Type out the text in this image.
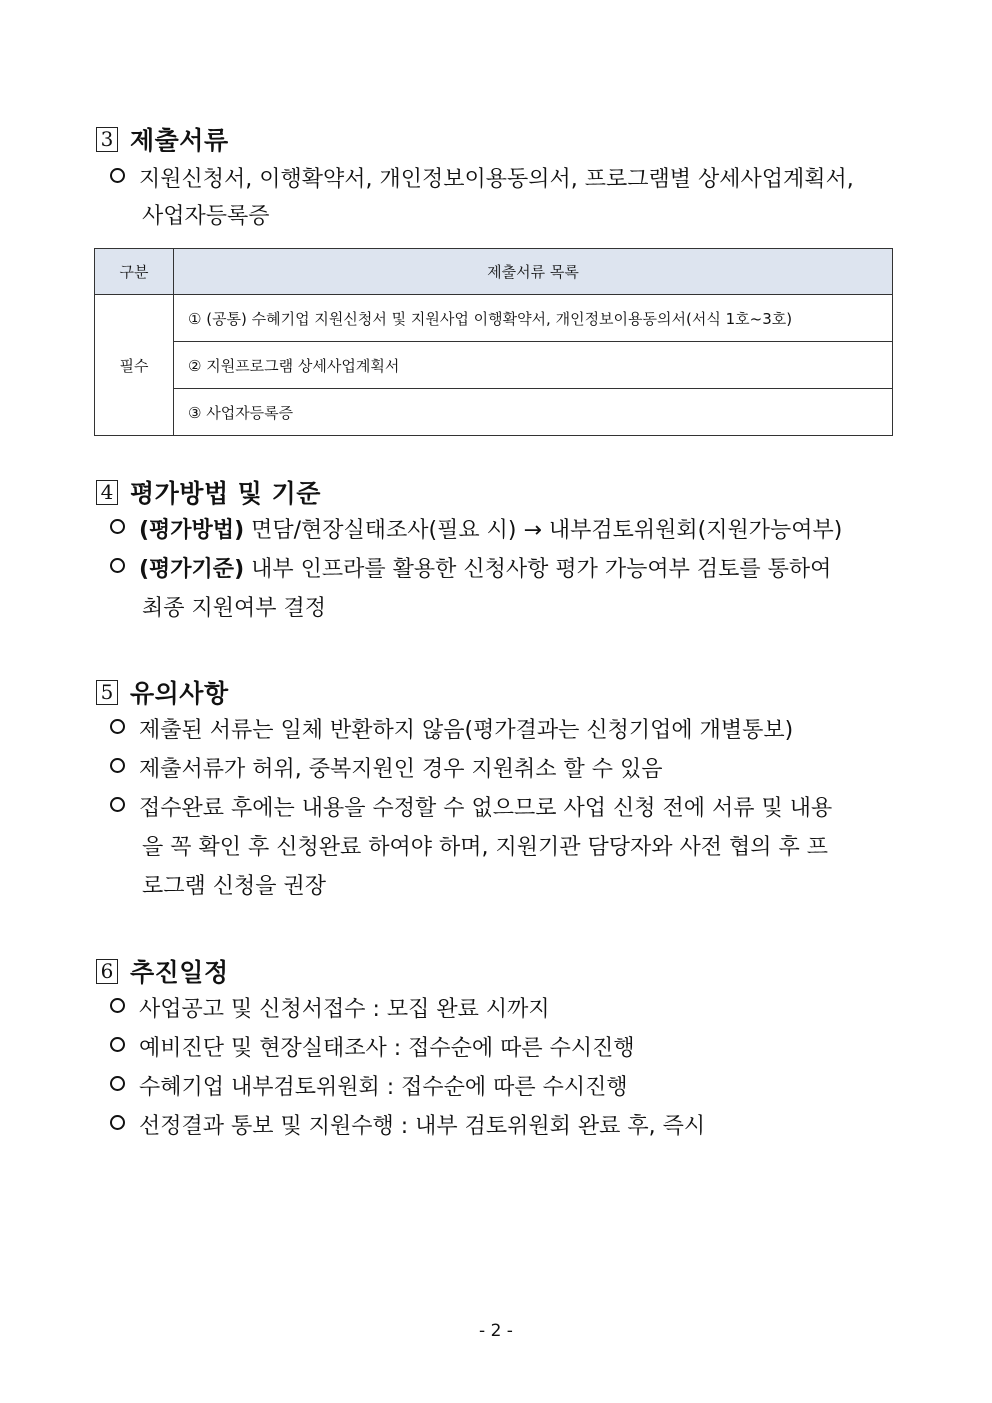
3 제출서류
지원신청서, 이행확약서, 개인정보이용동의서, 프로그램별 상세사업계획서,
사업자등록증
구분	제출서류 목록
필수	① (공통) 수혜기업 지원신청서 및 지원사업 이행확약서, 개인정보이용동의서(서식 1호~3호)
	② 지원프로그램 상세사업계획서
	③ 사업자등록증
4 평가방법 및 기준
(평가방법) 면담/현장실태조사(필요 시) → 내부검토위원회(지원가능여부)
(평가기준) 내부 인프라를 활용한 신청사항 평가 가능여부 검토를 통하여
최종 지원여부 결정
5 유의사항
제출된 서류는 일체 반환하지 않음(평가결과는 신청기업에 개별통보)
제출서류가 허위, 중복지원인 경우 지원취소 할 수 있음
접수완료 후에는 내용을 수정할 수 없으므로 사업 신청 전에 서류 및 내용
을 꼭 확인 후 신청완료 하여야 하며, 지원기관 담당자와 사전 협의 후 프
로그램 신청을 권장
6 추진일정
사업공고 및 신청서접수 : 모집 완료 시까지
예비진단 및 현장실태조사 : 접수순에 따른 수시진행
수혜기업 내부검토위원회 : 접수순에 따른 수시진행
선정결과 통보 및 지원수행 : 내부 검토위원회 완료 후, 즉시
- 2 -
